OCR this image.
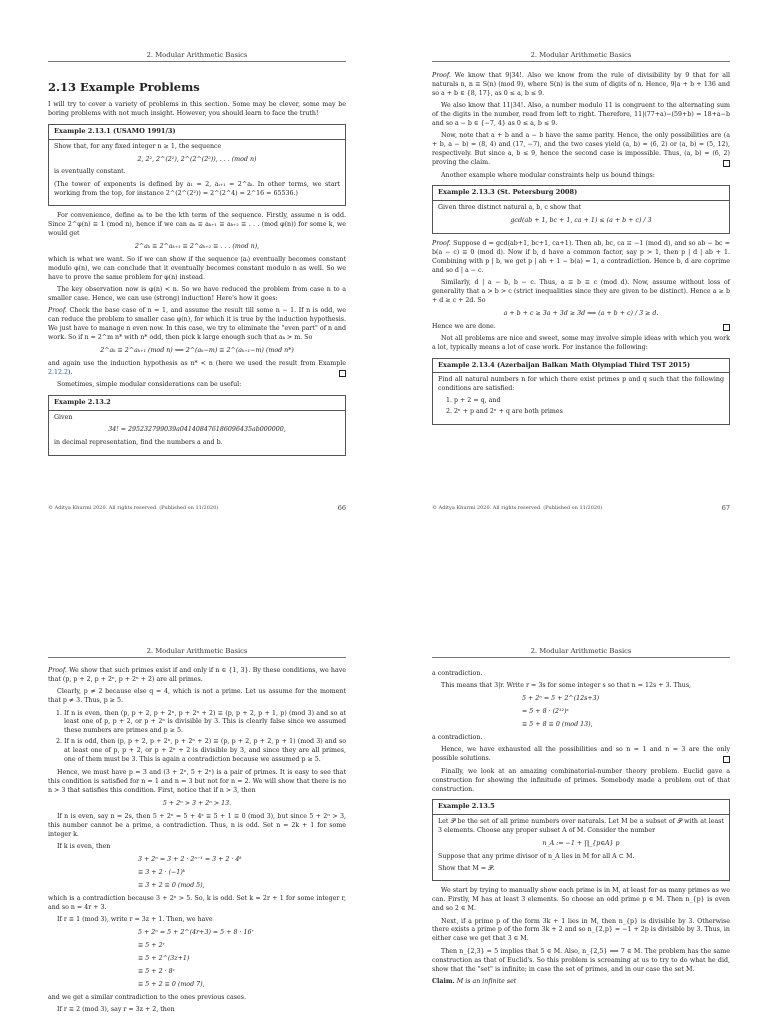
2. Modular Arithmetic Basics
2.13 Example Problems

I will try to cover a variety of problems in this section. Some may be clever, some may be boring problems with not much insight. However, you should learn to face the truth!

Example 2.13.1 (USAMO 1991/3)

Show that, for any fixed integer n ≥ 1, the sequence

2, 2², 2^(2²), 2^(2^(2²)), . . . (mod n)

is eventually constant.

(The tower of exponents is defined by a₁ = 2, aᵢ₊₁ = 2^aᵢ. In other terms, we start working from the top, for instance 2^(2^(2²)) = 2^(2^4) = 2^16 = 65536.)

For convenience, define aₖ to be the kth term of the sequence. Firstly, assume n is odd. Since 2^φ(n) ≡ 1 (mod n), hence if we can aₖ ≡ aₖ₊₁ ≡ aₖ₊₂ ≡ . . . (mod φ(n)) for some k, we would get

2^aₖ ≡ 2^aₖ₊₁ ≡ 2^aₖ₊₂ ≡ . . . (mod n),

which is what we want. So if we can show if the sequence ⟨aᵢ⟩ eventually becomes constant modulo φ(n), we can conclude that it eventually becomes constant modulo n as well. So we have to prove the same problem for φ(n) instead.

The key observation now is φ(n) < n. So we have reduced the problem from case n to a smaller case. Hence, we can use (strong) induction! Here's how it goes:

Proof. Check the base case of n = 1, and assume the result till some n − 1. If n is odd, we can reduce the problem to smaller case φ(n), for which it is true by the induction hypothesis. We just have to manage n even now. In this case, we try to eliminate the "even part" of n and work. So if n = 2^m n* with n* odd, then pick k large enough such that aₖ > m. So

2^aₖ ≡ 2^aₖ₊₁ (mod n) ⟺ 2^(aₖ−m) ≡ 2^(aₖ₊₁−m) (mod n*)

and again use the induction hypothesis as n* < n (here we used the result from Example 2.12.2).

Sometimes, simple modular considerations can be useful:

Example 2.13.2

Given

34! = 295232799039a041408476186096435ab000000,

in decimal representation, find the numbers a and b.

© Aditya Khurmi 2020. All rights reserved. (Published on 11/2020)	66
2. Modular Arithmetic Basics

Proof. We know that 9|34!. Also we know from the rule of divisibility by 9 that for all naturals n, n ≡ S(n) (mod 9), where S(n) is the sum of digits of n. Hence, 9|a + b + 136 and so a + b ∈ {8, 17}, as 0 ≤ a, b ≤ 9.

We also know that 11|34!. Also, a number modulo 11 is congruent to the alternating sum of the digits in the number, read from left to right. Therefore, 11|(77+a)−(59+b) = 18+a−b and so a − b ∈ {−7, 4} as 0 ≤ a, b ≤ 9.

Now, note that a + b and a − b have the same parity. Hence, the only possibilities are (a + b, a − b) = (8, 4) and (17, −7), and the two cases yield (a, b) = (6, 2) or (a, b) = (5, 12), respectively. But since a, b ≤ 9, hence the second case is impossible. Thus, (a, b) = (6, 2) proving the claim.

Another example where modular constraints help us bound things:

Example 2.13.3 (St. Petersburg 2008)

Given three distinct natural a, b, c show that

gcd(ab + 1, bc + 1, ca + 1) ≤ (a + b + c) / 3

Proof. Suppose d = gcd(ab+1, bc+1, ca+1). Then ab, bc, ca ≡ −1 (mod d), and so ab − bc = b(a − c) ≡ 0 (mod d). Now if b, d have a common factor, say p > 1, then p | d | ab + 1. Combining with p | b, we get p | ab + 1 − b(a) = 1, a contradiction. Hence b, d are coprime and so d | a − c.

Similarly, d | a − b, b − c. Thus, a ≡ b ≡ c (mod d). Now, assume without loss of generality that a > b > c (strict inequalities since they are given to be distinct). Hence a ≥ b + d ≥ c + 2d. So

a + b + c ≥ 3a + 3d ≥ 3d ⟹ (a + b + c) / 3 ≥ d.

Hence we are done.

Not all problems are nice and sweet, some may involve simple ideas with which you work a lot, typically means a lot of case work. For instance the following:

Example 2.13.4 (Azerbaijan Balkan Math Olympiad Third TST 2015)

Find all natural numbers n for which there exist primes p and q such that the following conditions are satisfied:

1. p + 2 = q, and
2. 2ⁿ + p and 2ⁿ + q are both primes
© Aditya Khurmi 2020. All rights reserved. (Published on 11/2020)	67
2. Modular Arithmetic Basics

Proof. We show that such primes exist if and only if n ∈ {1, 3}. By these conditions, we have that (p, p + 2, p + 2ⁿ, p + 2ⁿ + 2) are all primes.

Clearly, p ≠ 2 because else q = 4, which is not a prime. Let us assume for the moment that p ≠ 3. Thus, p ≥ 5.

1. If n is even, then (p, p + 2, p + 2ⁿ, p + 2ⁿ + 2) ≡ (p, p + 2, p + 1, p) (mod 3) and so at least one of p, p + 2, or p + 2ⁿ is divisible by 3. This is clearly false since we assumed these numbers are primes and p ≥ 5.
2. If n is odd, then (p, p + 2, p + 2ⁿ, p + 2ⁿ + 2) ≡ (p, p + 2, p + 2, p + 1) (mod 3) and so at least one of p, p + 2, or p + 2ⁿ + 2 is divisible by 3, and since they are all primes, one of them must be 3. This is again a contradiction because we assumed p ≥ 5.

Hence, we must have p = 3 and (3 + 2ⁿ, 5 + 2ⁿ) is a pair of primes. It is easy to see that this condition is satisfied for n = 1 and n = 3 but not for n = 2. We will show that there is no n > 3 that satisfies this condition. First, notice that if n > 3, then

5 + 2ⁿ > 3 + 2ⁿ > 13.

If n is even, say n = 2s, then 5 + 2ⁿ = 5 + 4ˢ ≡ 5 + 1 ≡ 0 (mod 3), but since 5 + 2ⁿ > 3, this number cannot be a prime, a contradiction. Thus, n is odd. Set n = 2k + 1 for some integer k.

If k is even, then

3 + 2ⁿ = 3 + 2 · 2ⁿ⁻¹ = 3 + 2 · 4ᵏ
≡ 3 + 2 · (−1)ᵏ
≡ 3 + 2 ≡ 0 (mod 5),

which is a contradiction because 3 + 2ⁿ > 5. So, k is odd. Set k = 2r + 1 for some integer r, and so n = 4r + 3.

If r ≡ 1 (mod 3), write r = 3z + 1. Then, we have

5 + 2ⁿ = 5 + 2^(4r+3) = 5 + 8 · 16ʳ
≡ 5 + 2ʳ
≡ 5 + 2^(3z+1)
≡ 5 + 2 · 8ᶻ
≡ 5 + 2 ≡ 0 (mod 7),

and we get a similar contradiction to the ones previous cases.

If r ≡ 2 (mod 3), say r = 3z + 2, then

2. Modular Arithmetic Basics

a contradiction.

This means that 3|r. Write r = 3s for some integer s so that n = 12s + 3. Thus,

5 + 2ⁿ = 5 + 2^(12s+3)
= 5 + 8 · (2¹²)ˢ
≡ 5 + 8 ≡ 0 (mod 13),

a contradiction.

Hence, we have exhausted all the possibilities and so n = 1 and n = 3 are the only possible solutions.

Finally, we look at an amazing combinatorial-number theory problem. Euclid gave a construction for showing the infinitude of primes. Somebody made a problem out of that construction.

Example 2.13.5

Let 𝒫 be the set of all prime numbers over naturals. Let M be a subset of 𝒫 with at least 3 elements. Choose any proper subset A of M. Consider the number

n_A := −1 + ∏_{p∈A} p

Suppose that any prime divisor of n_A lies in M for all A ⊂ M.

Show that M = 𝒫.

We start by trying to manually show each prime is in M, at least for as many primes as we can. Firstly, M has at least 3 elements. So choose an odd prime p ∈ M. Then n_{p} is even and so 2 ∈ M.

Next, if a prime p of the form 3k + 1 lies in M, then n_{p} is divisible by 3. Otherwise there exists a prime p of the form 3k + 2 and so n_{2,p} = −1 + 2p is divisible by 3. Thus, in either case we get that 3 ∈ M.

Then n_{2,3} = 5 implies that 5 ∈ M. Also, n_{2,5} ⟹ 7 ∈ M. The problem has the same construction as that of Euclid's. So this problem is screaming at us to try to do what he did, show that the "set" is infinite; in case the set of primes, and in our case the set M.

Claim. M is an infinite set
